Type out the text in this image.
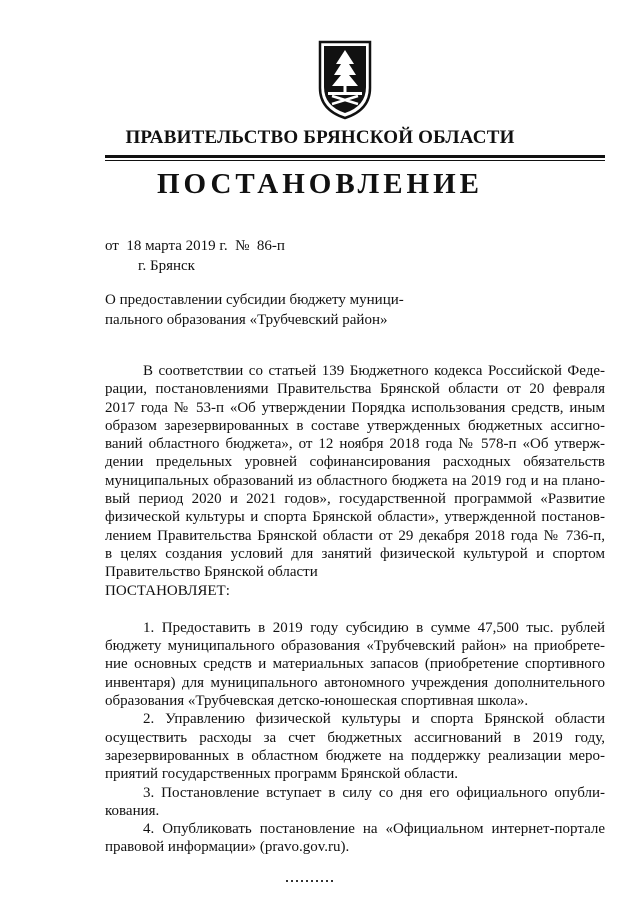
ПРАВИТЕЛЬСТВО БРЯНСКОЙ ОБЛАСТИ
ПОСТАНОВЛЕНИЕ
от  18 марта 2019 г.  №  86-п
г. Брянск
О предоставлении субсидии бюджету муници-
пального образования «Трубчевский район»
В соответствии со статьей 139 Бюджетного кодекса Российской Феде-
рации, постановлениями Правительства Брянской области от 20 февраля
2017 года № 53-п «Об утверждении Порядка использования средств, иным
образом зарезервированных в составе утвержденных бюджетных ассигно-
ваний областного бюджета», от 12 ноября 2018 года № 578-п «Об утверж-
дении предельных уровней софинансирования расходных обязательств
муниципальных образований из областного бюджета на 2019 год и на плано-
вый период 2020 и 2021 годов», государственной программой «Развитие
физической культуры и спорта Брянской области», утвержденной постанов-
лением Правительства Брянской области от 29 декабря 2018 года № 736-п,
в целях создания условий для занятий физической культурой и спортом
Правительство Брянской области
ПОСТАНОВЛЯЕТ:
1. Предоставить в 2019 году субсидию в сумме 47,500 тыс. рублей
бюджету муниципального образования «Трубчевский район» на приобрете-
ние основных средств и материальных запасов (приобретение спортивного
инвентаря) для муниципального автономного учреждения дополнительного
образования «Трубчевская детско-юношеская спортивная школа».
2. Управлению физической культуры и спорта Брянской области
осуществить расходы за счет бюджетных ассигнований в 2019 году,
зарезервированных в областном бюджете на поддержку реализации меро-
приятий государственных программ Брянской области.
3. Постановление вступает в силу со дня его официального опубли-
кования.
4. Опубликовать постановление на «Официальном интернет-портале
правовой информации» (pravo.gov.ru).
